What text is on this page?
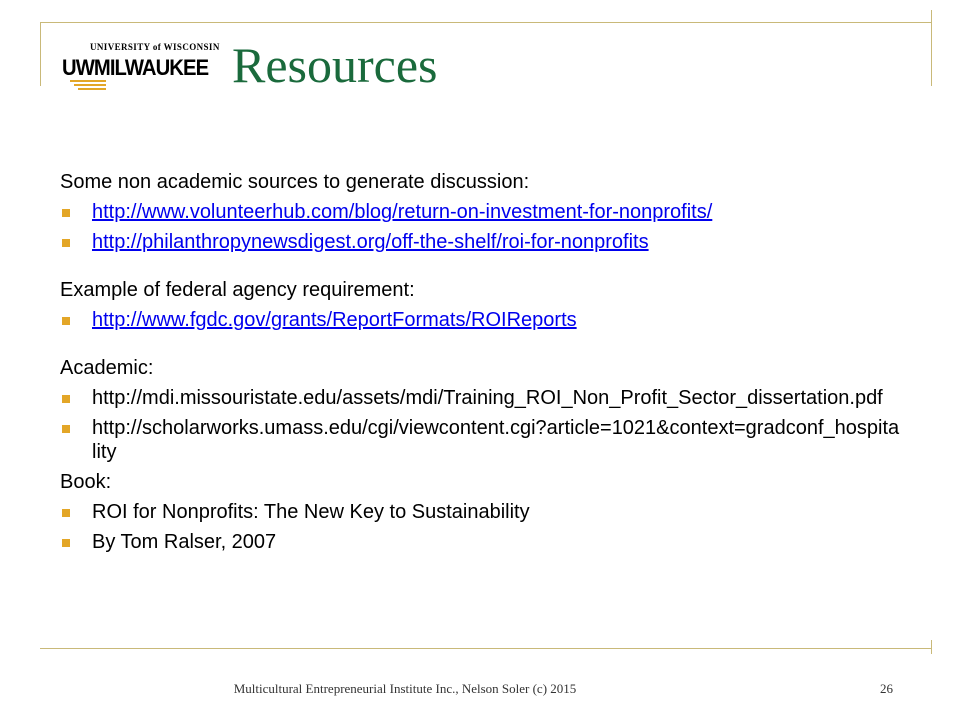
UNIVERSITY of WISCONSIN
UWMILWAUKEE Resources

Some non academic sources to generate discussion:

http://www.volunteerhub.com/blog/return-on-investment-for-nonprofits/
http://philanthropynewsdigest.org/off-the-shelf/roi-for-nonprofits

Example of federal agency requirement:

http://www.fgdc.gov/grants/ReportFormats/ROIReports

Academic:

http://mdi.missouristate.edu/assets/mdi/Training_ROI_Non_Profit_Sector_dissertation.pdf
http://scholarworks.umass.edu/cgi/viewcontent.cgi?article=1021&context=gradconf_hospitality

Book:

ROI for Nonprofits: The New Key to Sustainability
By Tom Ralser, 2007
Multicultural Entrepreneurial Institute Inc., Nelson Soler (c) 2015	26
